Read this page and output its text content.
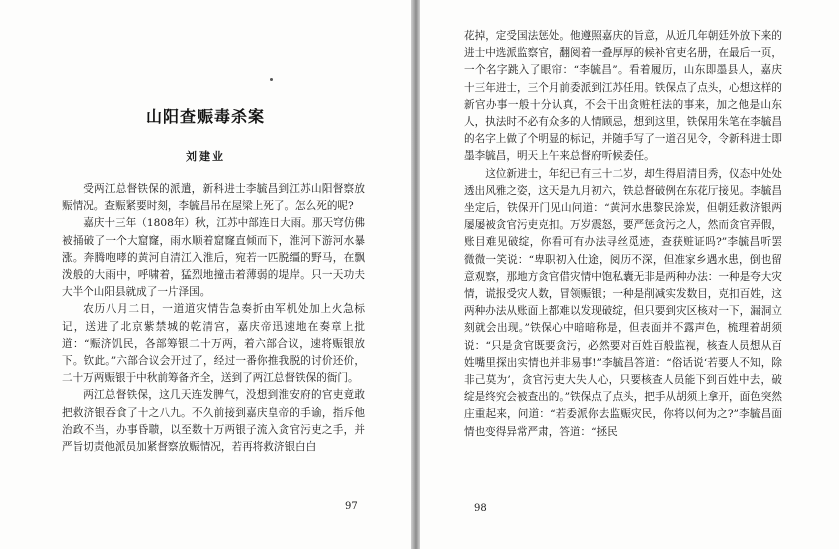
山阳查赈毒杀案
刘建业

受两江总督铁保的派遣，新科进士李毓昌到江苏山阳督察放赈情况。查赈紧要时刻，李毓昌吊在屋梁上死了。怎么死的呢?

嘉庆十三年（1808年）秋，江苏中部连日大雨。那天穹仿佛被捅破了一个大窟窿，雨水顺着窟窿直倾而下，淮河下游河水暴涨。奔腾咆哮的黄河自清江入淮后，宛若一匹脱缰的野马，在飘泼般的大雨中，呼啸着，猛烈地撞击着薄弱的堤岸。只一天功夫大半个山阳县就成了一片泽国。

农历八月二日，一道道灾情告急奏折由军机处加上火急标记，送进了北京紫禁城的乾清宫，嘉庆帝迅速地在奏章上批道：“赈济饥民，各部筹银二十万两，着六部合议，速将赈银放下。钦此。”六部合议会开过了，经过一番你推我脱的讨价还价，二十万两赈银于中秋前筹备齐全，送到了两江总督铁保的衙门。

两江总督铁保，这几天连发脾气，没想到淮安府的官吏竟敢把救济银吞食了十之八九。不久前接到嘉庆皇帝的手谕，指斥他治政不当，办事昏聩，以至数十万两银子流入贪官污吏之手，并严旨切责他派员加紧督察放赈情况，若再将救济银白白

97

花掉，定受国法惩处。他遵照嘉庆的旨意，从近几年朝廷外放下来的进士中选派监察官，翻阅着一叠厚厚的候补官吏名册，在最后一页，一个名字跳入了眼帘：“李毓昌”。看着履历，山东即墨县人，嘉庆十三年进士，三个月前委派到江苏任用。铁保点了点头，心想这样的新官办事一般十分认真，不会干出贪赃枉法的事来，加之他是山东人，执法时不必有众多的人情顾忌，想到这里，铁保用朱笔在李毓昌的名字上做了个明显的标记，并随手写了一道召见令，令新科进士即墨李毓昌，明天上午来总督府听候委任。

这位新进士，年纪已有三十二岁，却生得眉清目秀，仪态中处处透出风雅之姿，这天是九月初六，铁总督破例在东花厅接见。李毓昌坐定后，铁保开门见山问道：“黄河水患黎民涂炭，但朝廷救济银两屡屡被贪官污吏克扣。万岁震怒，要严惩贪污之人，然而贪官弄假，账目难见破绽，你看可有办法寻丝觅迹，查获赃证吗?”李毓昌听罢微微一笑说：“卑职初入仕途，阅历不深，但准家乡遇水患，倒也留意观察，那地方贪官借灾情中饱私囊无非是两种办法：一种是夸大灾情，谎报受灾人数，冒领赈银；一种是削减实发数目，克扣百姓，这两种办法从账面上都难以发现破绽，但只要到灾区核对一下，漏洞立刻就会出现。”铁保心中暗暗称是，但表面并不露声色，梳理着胡须说：“只是贪官既要贪污，必然要对百姓百般监视，核查人员想从百姓嘴里探出实情也并非易事!”李毓昌答道：“俗话说‘若要人不知，除非己莫为’，贪官污吏大失人心，只要核查人员能下到百姓中去，破绽是终究会被查出的。”铁保点了点头，把手从胡须上拿开，面色突然庄重起来，问道：“若委派你去监赈灾民，你将以何为之?”李毓昌面情也变得异常严肃，答道：“拯民

98
